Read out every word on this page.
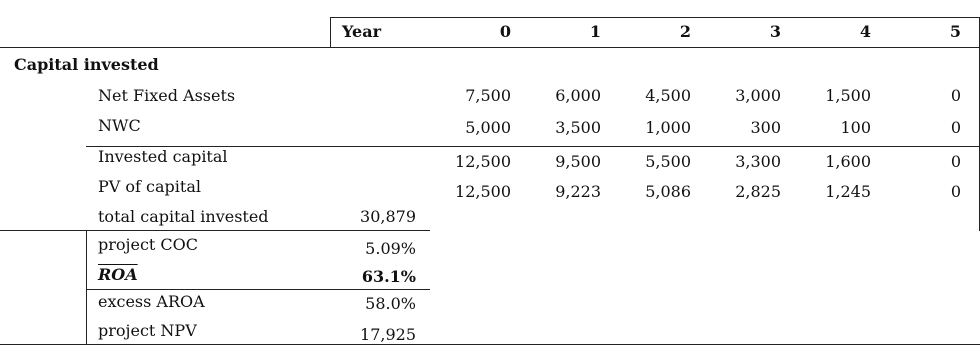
Year	0	1	2	3	4	5
Capital invested
Net Fixed Assets	7,500	6,000	4,500	3,000	1,500	0
NWC	5,000	3,500	1,000	300	100	0
Invested capital	12,500	9,500	5,500	3,300	1,600	0
PV of capital	12,500	9,223	5,086	2,825	1,245	0
total capital invested	30,879
project COC	5.09%
$\overline{ROA}$	63.1%
excess AROA	58.0%
project NPV	17,925
